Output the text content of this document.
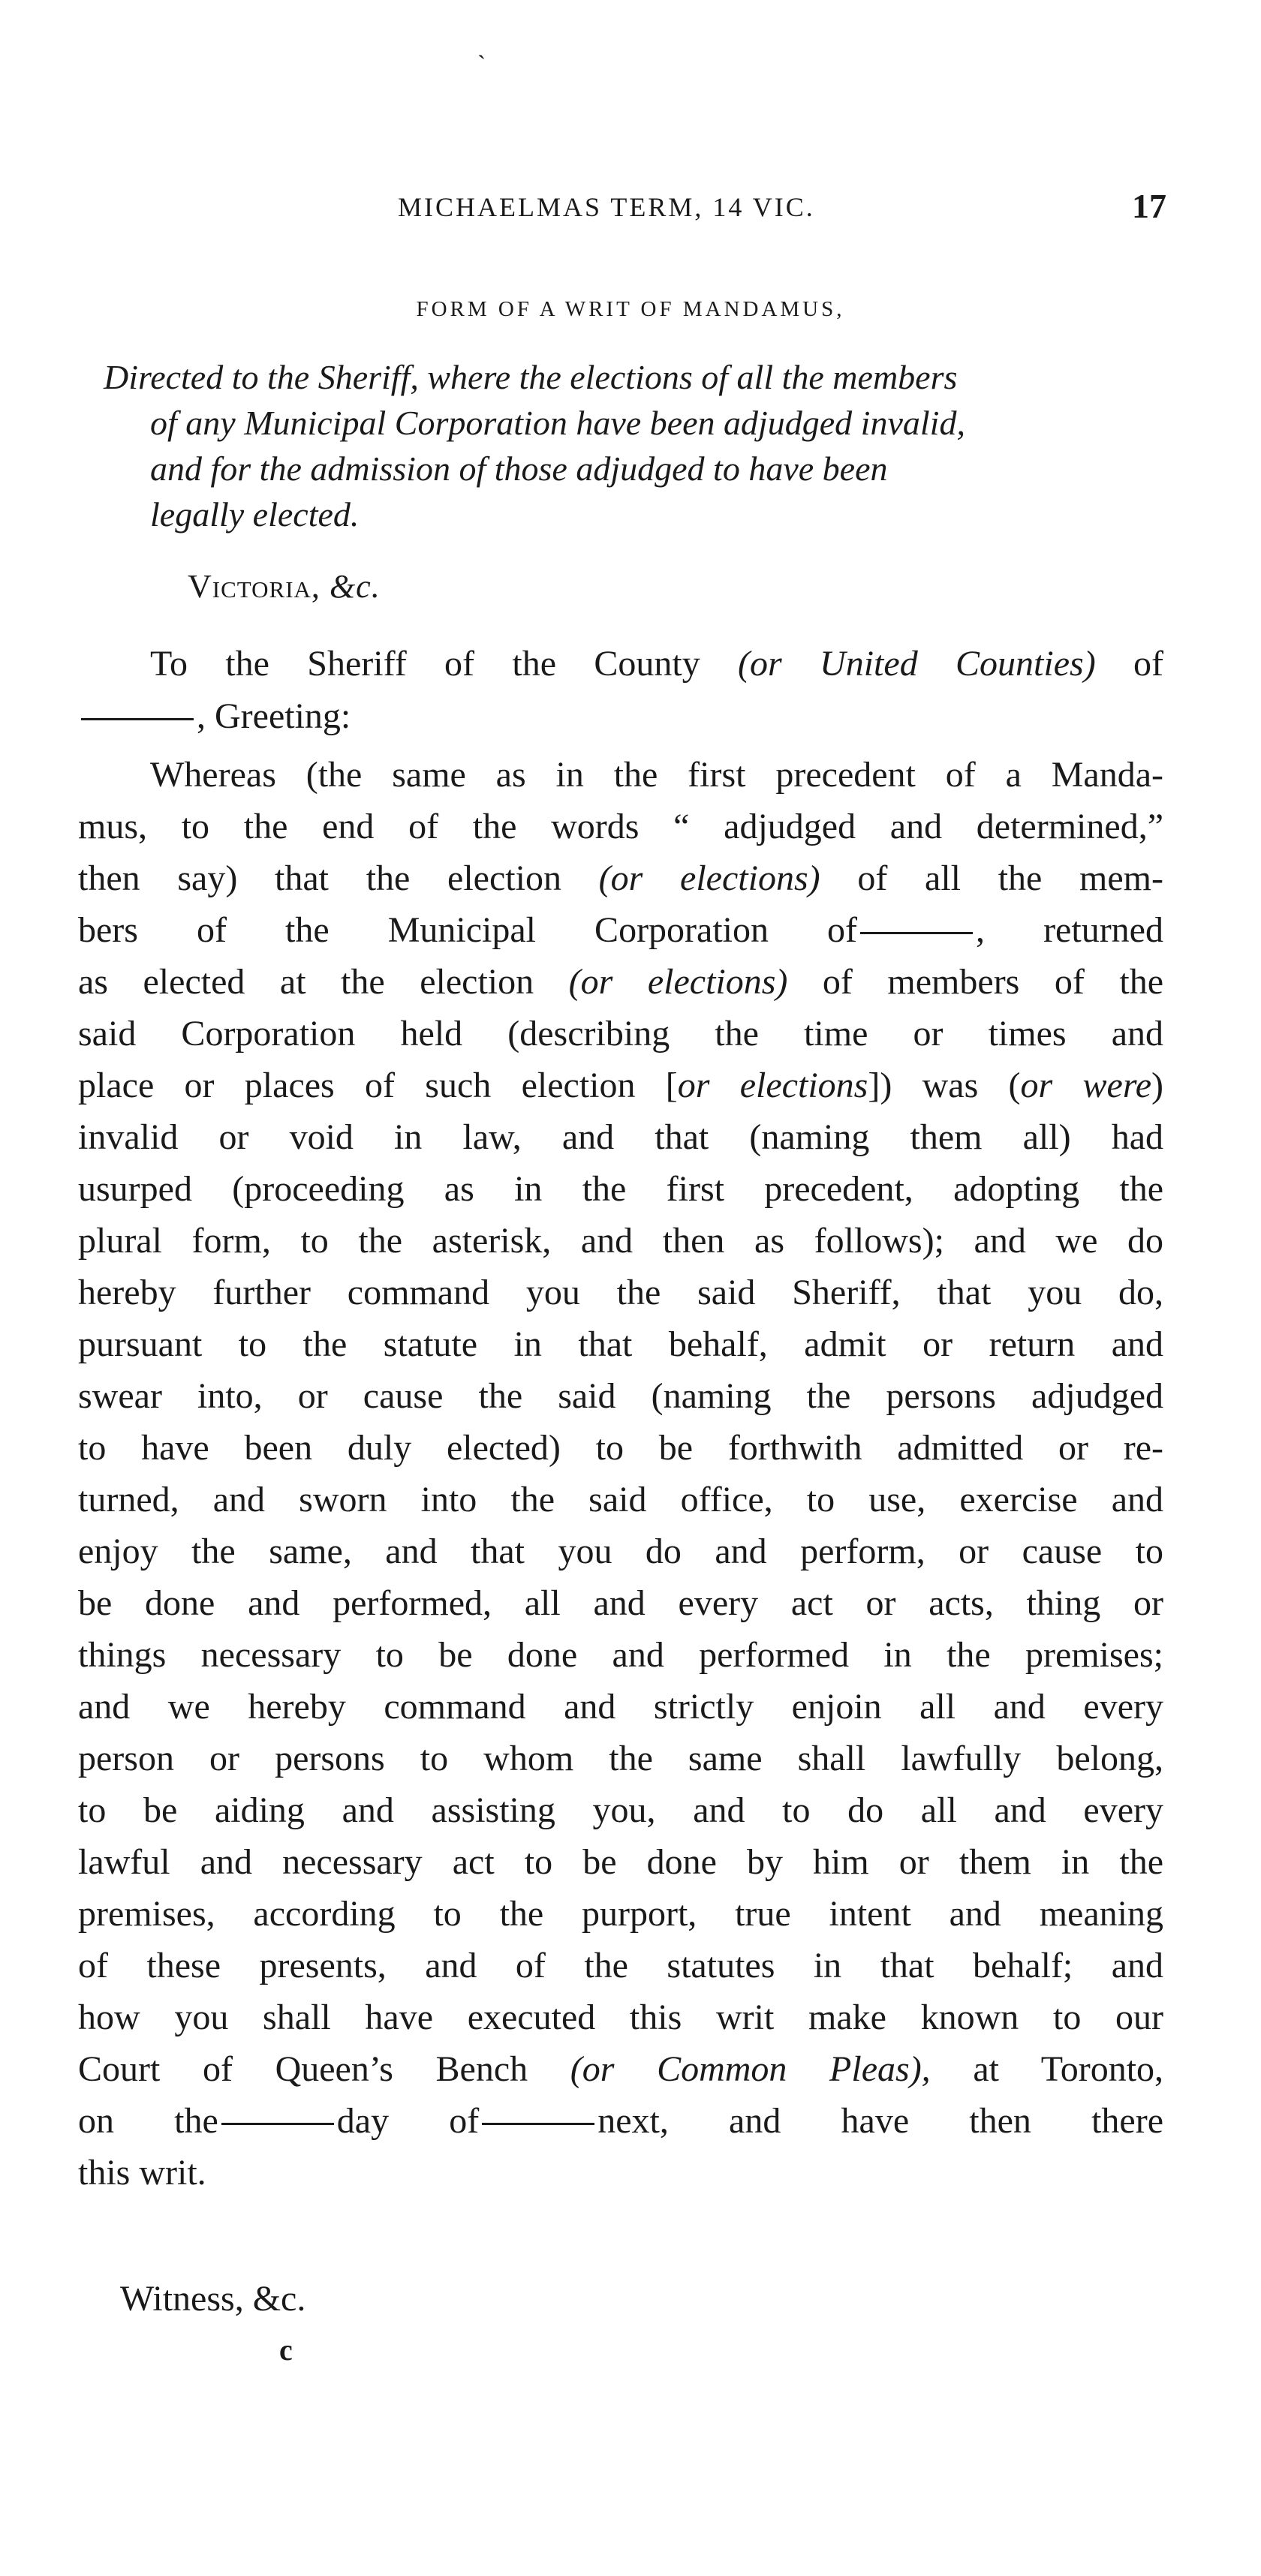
ˏ
MICHAELMAS TERM, 14 VIC.	17
FORM OF A WRIT OF MANDAMUS,
Directed to the Sheriff, where the elections of all the members
of any Municipal Corporation have been adjudged invalid,
and for the admission of those adjudged to have been
legally elected.
Victoria, &c.
To the Sheriff of the County (or United Counties) of
, Greeting:
Whereas (the same as in the first precedent of a Manda-
mus, to the end of the words “ adjudged and determined,”
then say) that the election (or elections) of all the mem-
bers of the Municipal Corporation of	, returned
as elected at the election (or elections) of members of the
said Corporation held (describing the time or times and
place or places of such election [or elections]) was (or were)
invalid or void in law, and that (naming them all) had
usurped (proceeding as in the first precedent, adopting the
plural form, to the asterisk, and then as follows); and we do
hereby further command you the said Sheriff, that you do,
pursuant to the statute in that behalf, admit or return and
swear into, or cause the said (naming the persons adjudged
to have been duly elected) to be forthwith admitted or re-
turned, and sworn into the said office, to use, exercise and
enjoy the same, and that you do and perform, or cause to
be done and performed, all and every act or acts, thing or
things necessary to be done and performed in the premises;
and we hereby command and strictly enjoin all and every
person or persons to whom the same shall lawfully belong,
to be aiding and assisting you, and to do all and every
lawful and necessary act to be done by him or them in the
premises, according to the purport, true intent and meaning
of these presents, and of the statutes in that behalf; and
how you shall have executed this writ make known to our
Court of Queen’s Bench (or Common Pleas), at Toronto,
on the	day of	next, and have then there
this writ.
Witness, &c.
c
